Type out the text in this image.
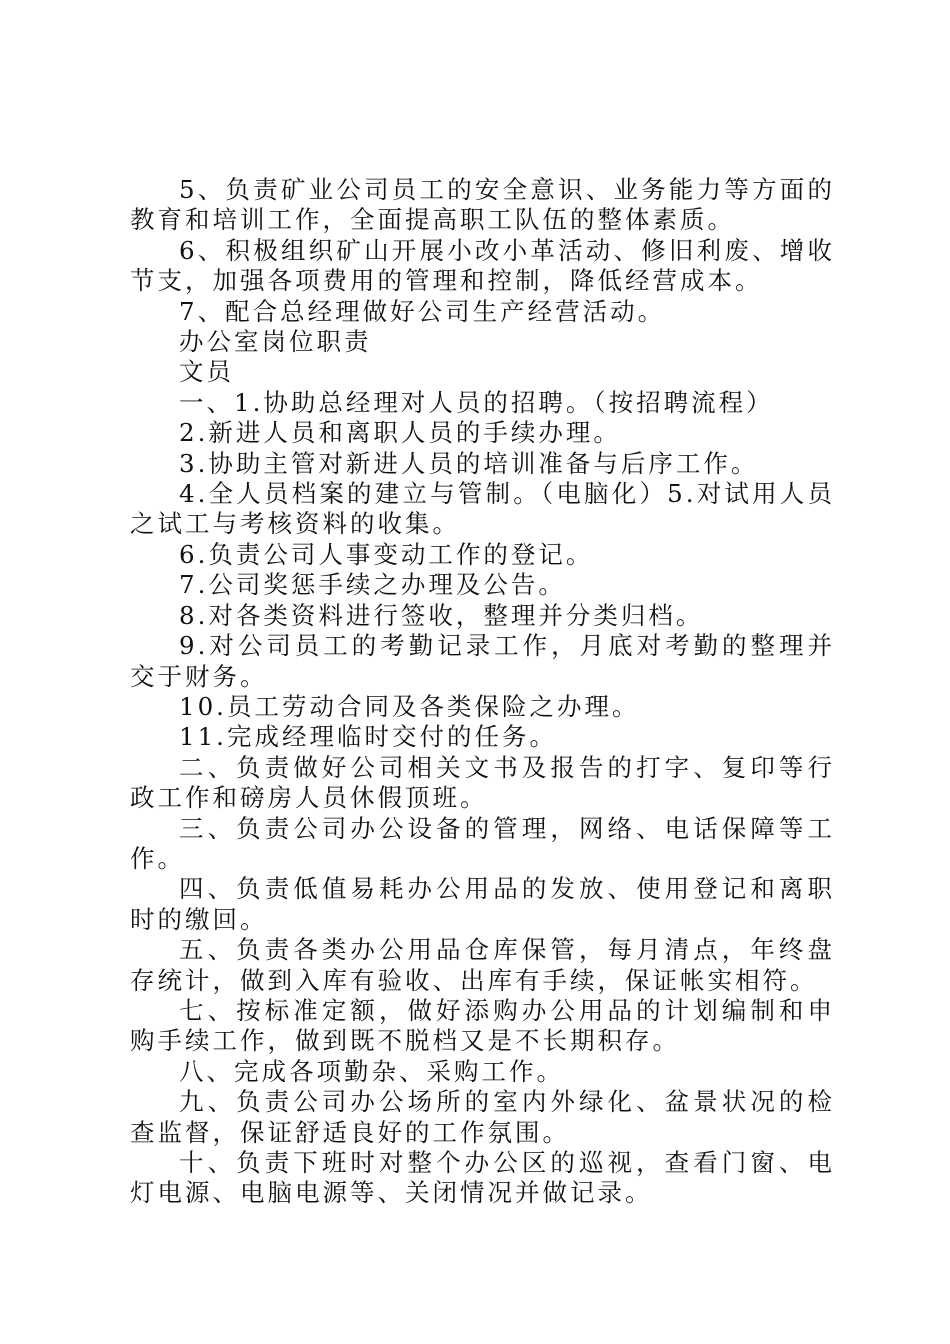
5、负责矿业公司员工的安全意识、业务能力等方面的教育和培训工作，全面提高职工队伍的整体素质。

6、积极组织矿山开展小改小革活动、修旧利废、增收节支，加强各项费用的管理和控制，降低经营成本。

7、配合总经理做好公司生产经营活动。

办公室岗位职责

文员

一、1.协助总经理对人员的招聘。（按招聘流程）

2.新进人员和离职人员的手续办理。

3.协助主管对新进人员的培训准备与后序工作。

4.全人员档案的建立与管制。（电脑化）5.对试用人员之试工与考核资料的收集。

6.负责公司人事变动工作的登记。

7.公司奖惩手续之办理及公告。

8.对各类资料进行签收，整理并分类归档。

9.对公司员工的考勤记录工作，月底对考勤的整理并交于财务。

10.员工劳动合同及各类保险之办理。

11.完成经理临时交付的任务。

二、负责做好公司相关文书及报告的打字、复印等行政工作和磅房人员休假顶班。

三、负责公司办公设备的管理，网络、电话保障等工作。

四、负责低值易耗办公用品的发放、使用登记和离职时的缴回。

五、负责各类办公用品仓库保管，每月清点，年终盘存统计，做到入库有验收、出库有手续，保证帐实相符。

七、按标准定额，做好添购办公用品的计划编制和申购手续工作，做到既不脱档又是不长期积存。

八、完成各项勤杂、采购工作。

九、负责公司办公场所的室内外绿化、盆景状况的检查监督，保证舒适良好的工作氛围。

十、负责下班时对整个办公区的巡视，查看门窗、电灯电源、电脑电源等、关闭情况并做记录。
